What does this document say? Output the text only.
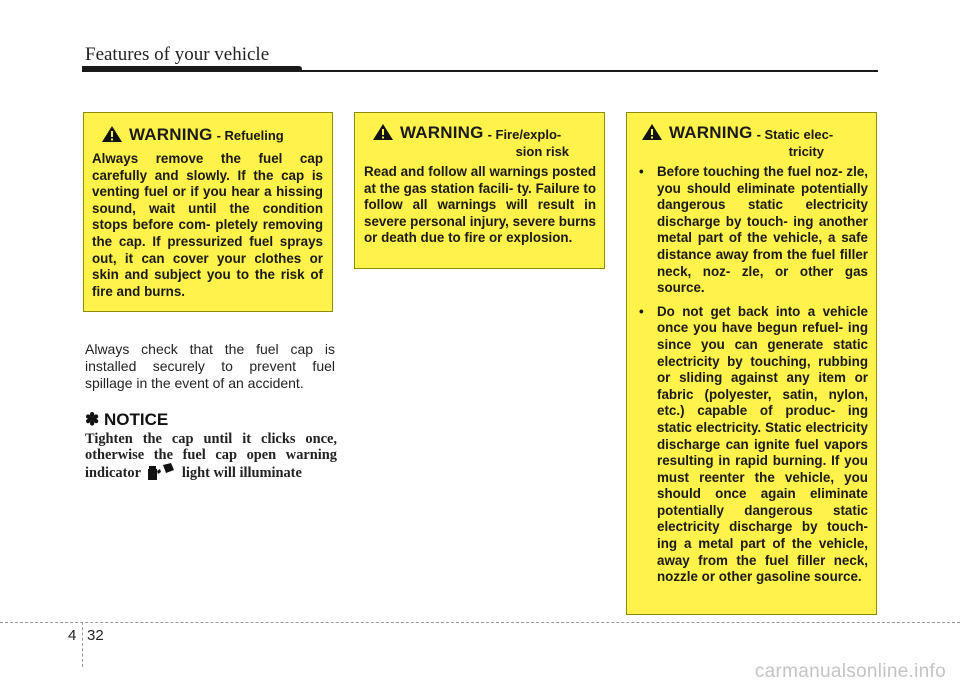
Features of your vehicle
WARNING - Refueling
Always remove the fuel cap carefully and slowly. If the cap is venting fuel or if you hear a hissing sound, wait until the condition stops before com- pletely removing the cap. If pressurized fuel sprays out, it can cover your clothes or skin and subject you to the risk of fire and burns.
WARNING - Fire/explo-
sion risk
Read and follow all warnings posted at the gas station facili- ty. Failure to follow all warnings will result in severe personal injury, severe burns or death due to fire or explosion.
WARNING - Static elec-
tricity
• Before touching the fuel noz- zle, you should eliminate potentially dangerous static electricity discharge by touch- ing another metal part of the vehicle, a safe distance away from the fuel filler neck, noz- zle, or other gas source.
• Do not get back into a vehicle once you have begun refuel- ing since you can generate static electricity by touching, rubbing or sliding against any item or fabric (polyester, satin, nylon, etc.) capable of produc- ing static electricity. Static electricity discharge can ignite fuel vapors resulting in rapid burning. If you must reenter the vehicle, you should once again eliminate potentially dangerous static electricity discharge by touch- ing a metal part of the vehicle, away from the fuel filler neck, nozzle or other gasoline source.
Always check that the fuel cap is installed securely to prevent fuel spillage in the event of an accident.
✽ NOTICE
Tighten the cap until it clicks once, otherwise the fuel cap open warning indicator	light will illuminate
4 32
carmanualsonline.info
